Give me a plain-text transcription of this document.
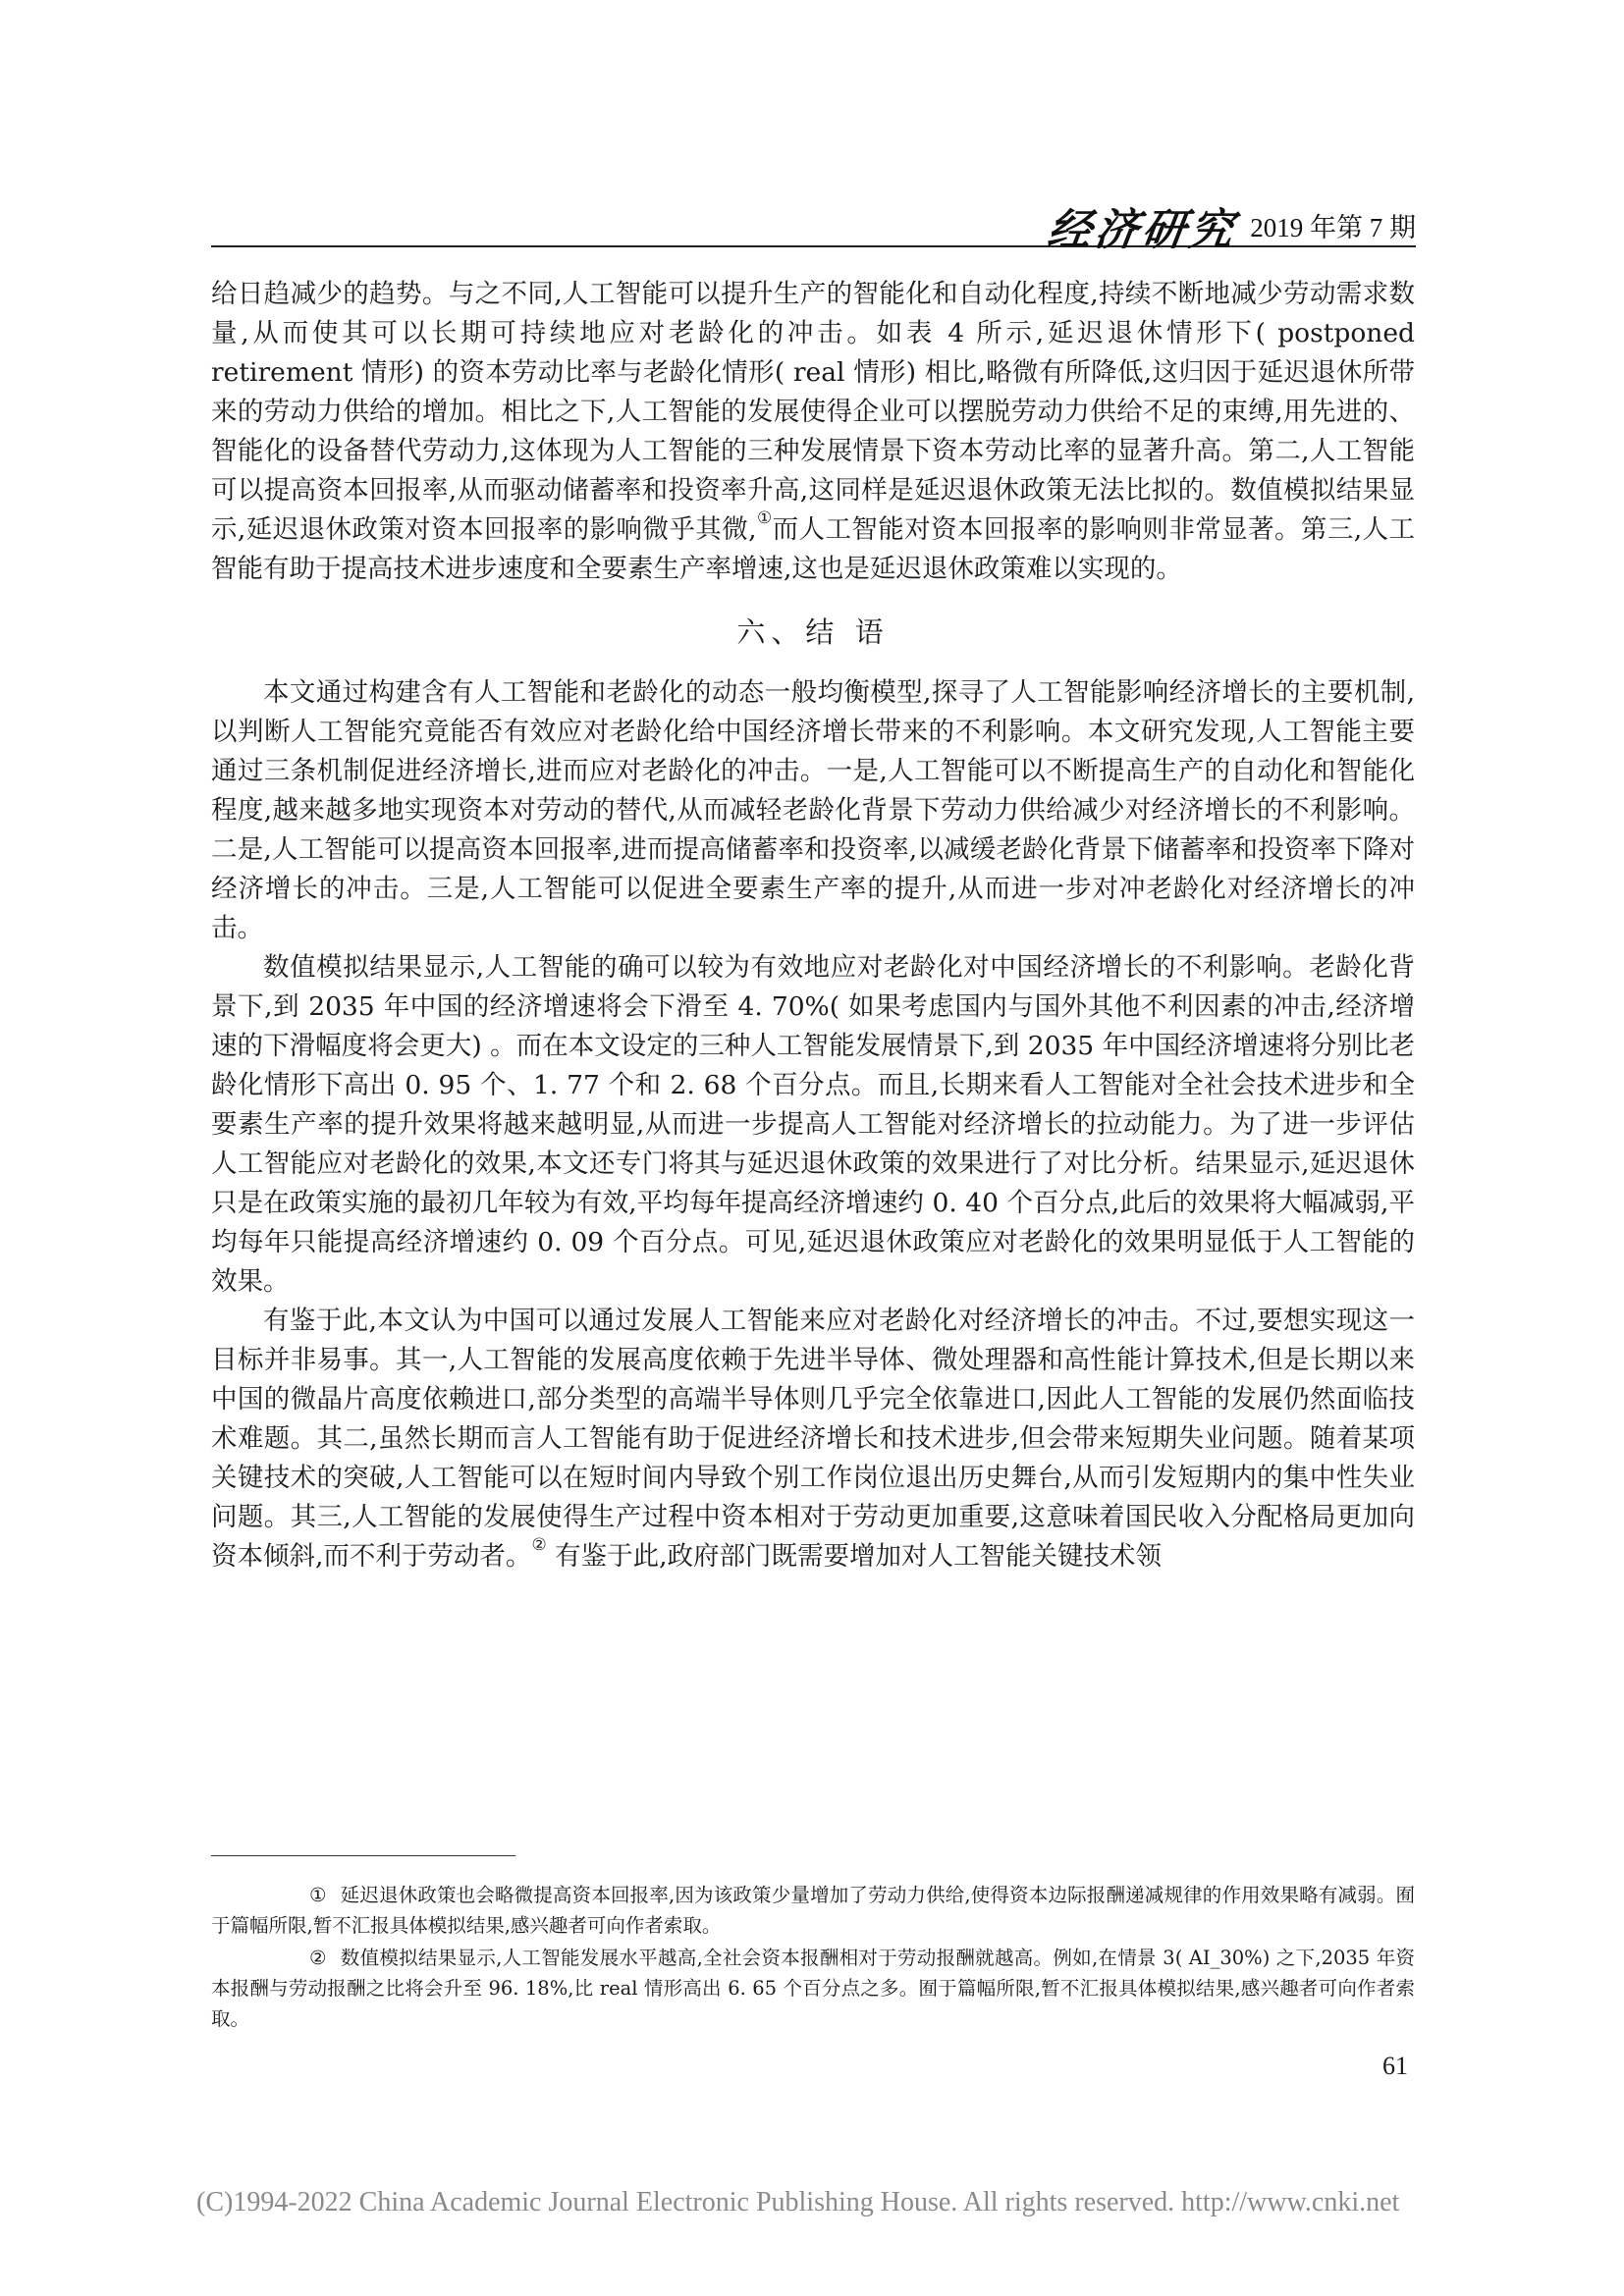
经济研究 2019 年第 7 期

给日趋减少的趋势。与之不同,人工智能可以提升生产的智能化和自动化程度,持续不断地减少劳动需求数量,从而使其可以长期可持续地应对老龄化的冲击。如表 4 所示,延迟退休情形下( postponed retirement 情形) 的资本劳动比率与老龄化情形( real 情形) 相比,略微有所降低,这归因于延迟退休所带来的劳动力供给的增加。相比之下,人工智能的发展使得企业可以摆脱劳动力供给不足的束缚,用先进的、智能化的设备替代劳动力,这体现为人工智能的三种发展情景下资本劳动比率的显著升高。第二,人工智能可以提高资本回报率,从而驱动储蓄率和投资率升高,这同样是延迟退休政策无法比拟的。数值模拟结果显示,延迟退休政策对资本回报率的影响微乎其微,①而人工智能对资本回报率的影响则非常显著。第三,人工智能有助于提高技术进步速度和全要素生产率增速,这也是延迟退休政策难以实现的。

六、结 语

本文通过构建含有人工智能和老龄化的动态一般均衡模型,探寻了人工智能影响经济增长的主要机制,以判断人工智能究竟能否有效应对老龄化给中国经济增长带来的不利影响。本文研究发现,人工智能主要通过三条机制促进经济增长,进而应对老龄化的冲击。一是,人工智能可以不断提高生产的自动化和智能化程度,越来越多地实现资本对劳动的替代,从而减轻老龄化背景下劳动力供给减少对经济增长的不利影响。二是,人工智能可以提高资本回报率,进而提高储蓄率和投资率,以减缓老龄化背景下储蓄率和投资率下降对经济增长的冲击。三是,人工智能可以促进全要素生产率的提升,从而进一步对冲老龄化对经济增长的冲击。

数值模拟结果显示,人工智能的确可以较为有效地应对老龄化对中国经济增长的不利影响。老龄化背景下,到 2035 年中国的经济增速将会下滑至 4. 70%( 如果考虑国内与国外其他不利因素的冲击,经济增速的下滑幅度将会更大) 。而在本文设定的三种人工智能发展情景下,到 2035 年中国经济增速将分别比老龄化情形下高出 0. 95 个、1. 77 个和 2. 68 个百分点。而且,长期来看人工智能对全社会技术进步和全要素生产率的提升效果将越来越明显,从而进一步提高人工智能对经济增长的拉动能力。为了进一步评估人工智能应对老龄化的效果,本文还专门将其与延迟退休政策的效果进行了对比分析。结果显示,延迟退休只是在政策实施的最初几年较为有效,平均每年提高经济增速约 0. 40 个百分点,此后的效果将大幅减弱,平均每年只能提高经济增速约 0. 09 个百分点。可见,延迟退休政策应对老龄化的效果明显低于人工智能的效果。

有鉴于此,本文认为中国可以通过发展人工智能来应对老龄化对经济增长的冲击。不过,要想实现这一目标并非易事。其一,人工智能的发展高度依赖于先进半导体、微处理器和高性能计算技术,但是长期以来中国的微晶片高度依赖进口,部分类型的高端半导体则几乎完全依靠进口,因此人工智能的发展仍然面临技术难题。其二,虽然长期而言人工智能有助于促进经济增长和技术进步,但会带来短期失业问题。随着某项关键技术的突破,人工智能可以在短时间内导致个别工作岗位退出历史舞台,从而引发短期内的集中性失业问题。其三,人工智能的发展使得生产过程中资本相对于劳动更加重要,这意味着国民收入分配格局更加向资本倾斜,而不利于劳动者。② 有鉴于此,政府部门既需要增加对人工智能关键技术领

① 延迟退休政策也会略微提高资本回报率,因为该政策少量增加了劳动力供给,使得资本边际报酬递减规律的作用效果略有减弱。囿于篇幅所限,暂不汇报具体模拟结果,感兴趣者可向作者索取。

② 数值模拟结果显示,人工智能发展水平越高,全社会资本报酬相对于劳动报酬就越高。例如,在情景 3( AI_30%) 之下,2035 年资本报酬与劳动报酬之比将会升至 96. 18%,比 real 情形高出 6. 65 个百分点之多。囿于篇幅所限,暂不汇报具体模拟结果,感兴趣者可向作者索取。

61
(C)1994-2022 China Academic Journal Electronic Publishing House. All rights reserved. http://www.cnki.net
